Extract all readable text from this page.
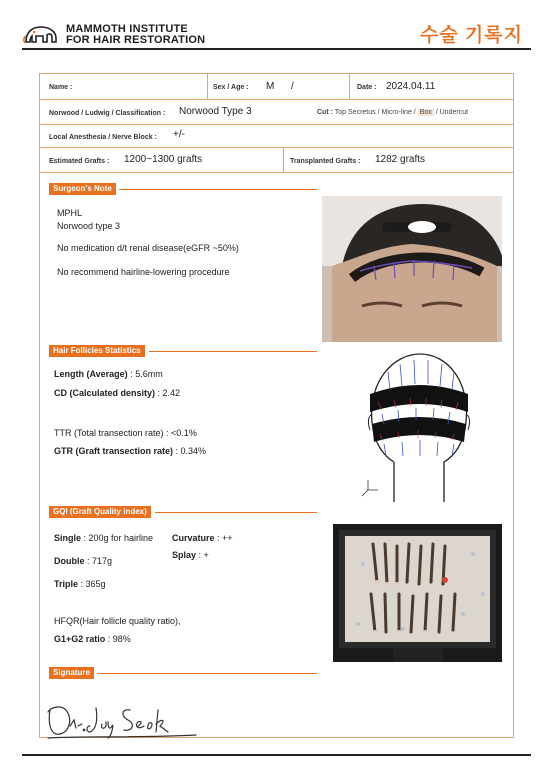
MAMMOTH INSTITUTE
FOR HAIR RESTORATION	수술 기록지
Name :	Sex / Age : M      /	Date : 2024.04.11
Norwood / Ludwig / Classification : Norwood Type 3	Cut : Top Secretus / Micro-line / Box / Undercut
Local Anesthesia / Nerve Block : +/-
Estimated Grafts : 1200~1300 grafts	Transplanted Grafts : 1282 grafts
Surgeon's Note
MPHL
Norwood type 3
No medication d/t renal disease(eGFR ~50%)
No recommend hairline-lowering procedure
Hair Follicles Statistics
Length (Average) : 5.6mm
CD (Calculated density) : 2.42
TTR (Total transection rate) : <0.1%
GTR (Graft transection rate) : 0.34%
GQI (Graft Quality index)
Single : 200g for hairline Curvature : ++
Splay : +
Double : 717g
Triple : 365g
HFQR(Hair follicle quality ratio),
G1+G2 ratio : 98%
Signature
